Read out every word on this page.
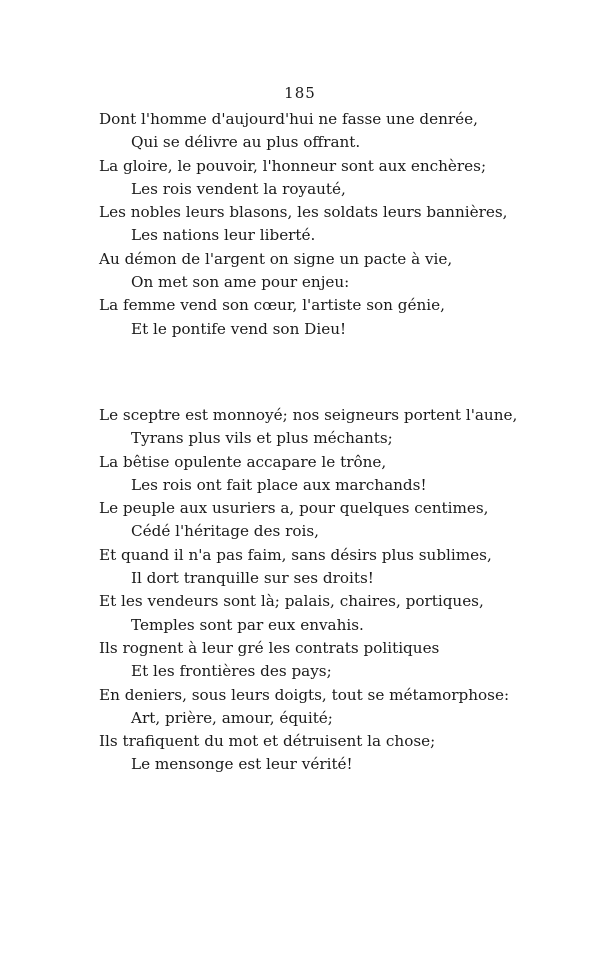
185
Dont l'homme d'aujourd'hui ne fasse une denrée,
Qui se délivre au plus offrant.
La gloire, le pouvoir, l'honneur sont aux enchères;
Les rois vendent la royauté,
Les nobles leurs blasons, les soldats leurs bannières,
Les nations leur liberté.
Au démon de l'argent on signe un pacte à vie,
On met son ame pour enjeu:
La femme vend son cœur, l'artiste son génie,
Et le pontife vend son Dieu!
Le sceptre est monnoyé; nos seigneurs portent l'aune,
Tyrans plus vils et plus méchants;
La bêtise opulente accapare le trône,
Les rois ont fait place aux marchands!
Le peuple aux usuriers a, pour quelques centimes,
Cédé l'héritage des rois,
Et quand il n'a pas faim, sans désirs plus sublimes,
Il dort tranquille sur ses droits!
Et les vendeurs sont là; palais, chaires, portiques,
Temples sont par eux envahis.
Ils rognent à leur gré les contrats politiques
Et les frontières des pays;
En deniers, sous leurs doigts, tout se métamorphose:
Art, prière, amour, équité;
Ils trafiquent du mot et détruisent la chose;
Le mensonge est leur vérité!
